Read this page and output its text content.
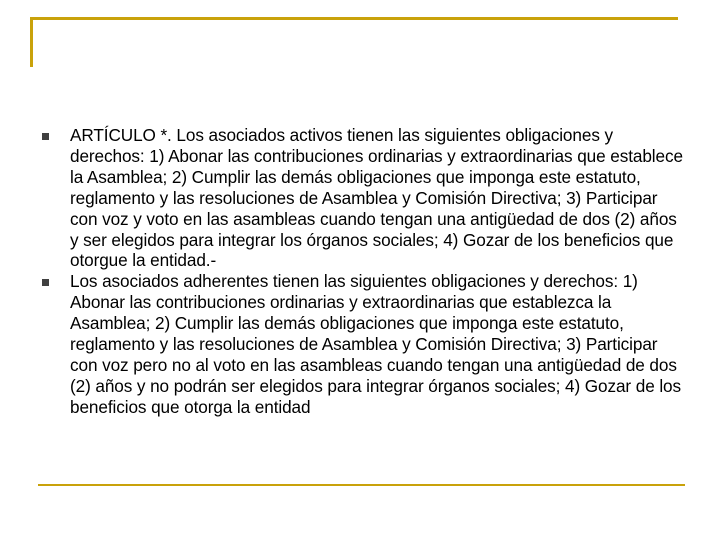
ARTÍCULO *. Los asociados activos tienen las siguientes obligaciones y derechos: 1) Abonar las contribuciones ordinarias y extraordinarias que establece la Asamblea; 2) Cumplir las demás obligaciones que imponga este estatuto, reglamento y las resoluciones de Asamblea y Comisión Directiva; 3) Participar con voz y voto en las asambleas cuando tengan una antigüedad de dos (2) años y ser elegidos para integrar los órganos sociales; 4) Gozar de los beneficios que otorgue la entidad.-
Los asociados adherentes tienen las siguientes obligaciones y derechos: 1) Abonar las contribuciones ordinarias y extraordinarias que establezca la Asamblea; 2) Cumplir las demás obligaciones que imponga este estatuto, reglamento y las resoluciones de Asamblea y Comisión Directiva; 3) Participar con voz pero no al voto en las asambleas cuando tengan una antigüedad de dos (2) años y no podrán ser elegidos para integrar órganos sociales; 4) Gozar de los beneficios que otorga la entidad
